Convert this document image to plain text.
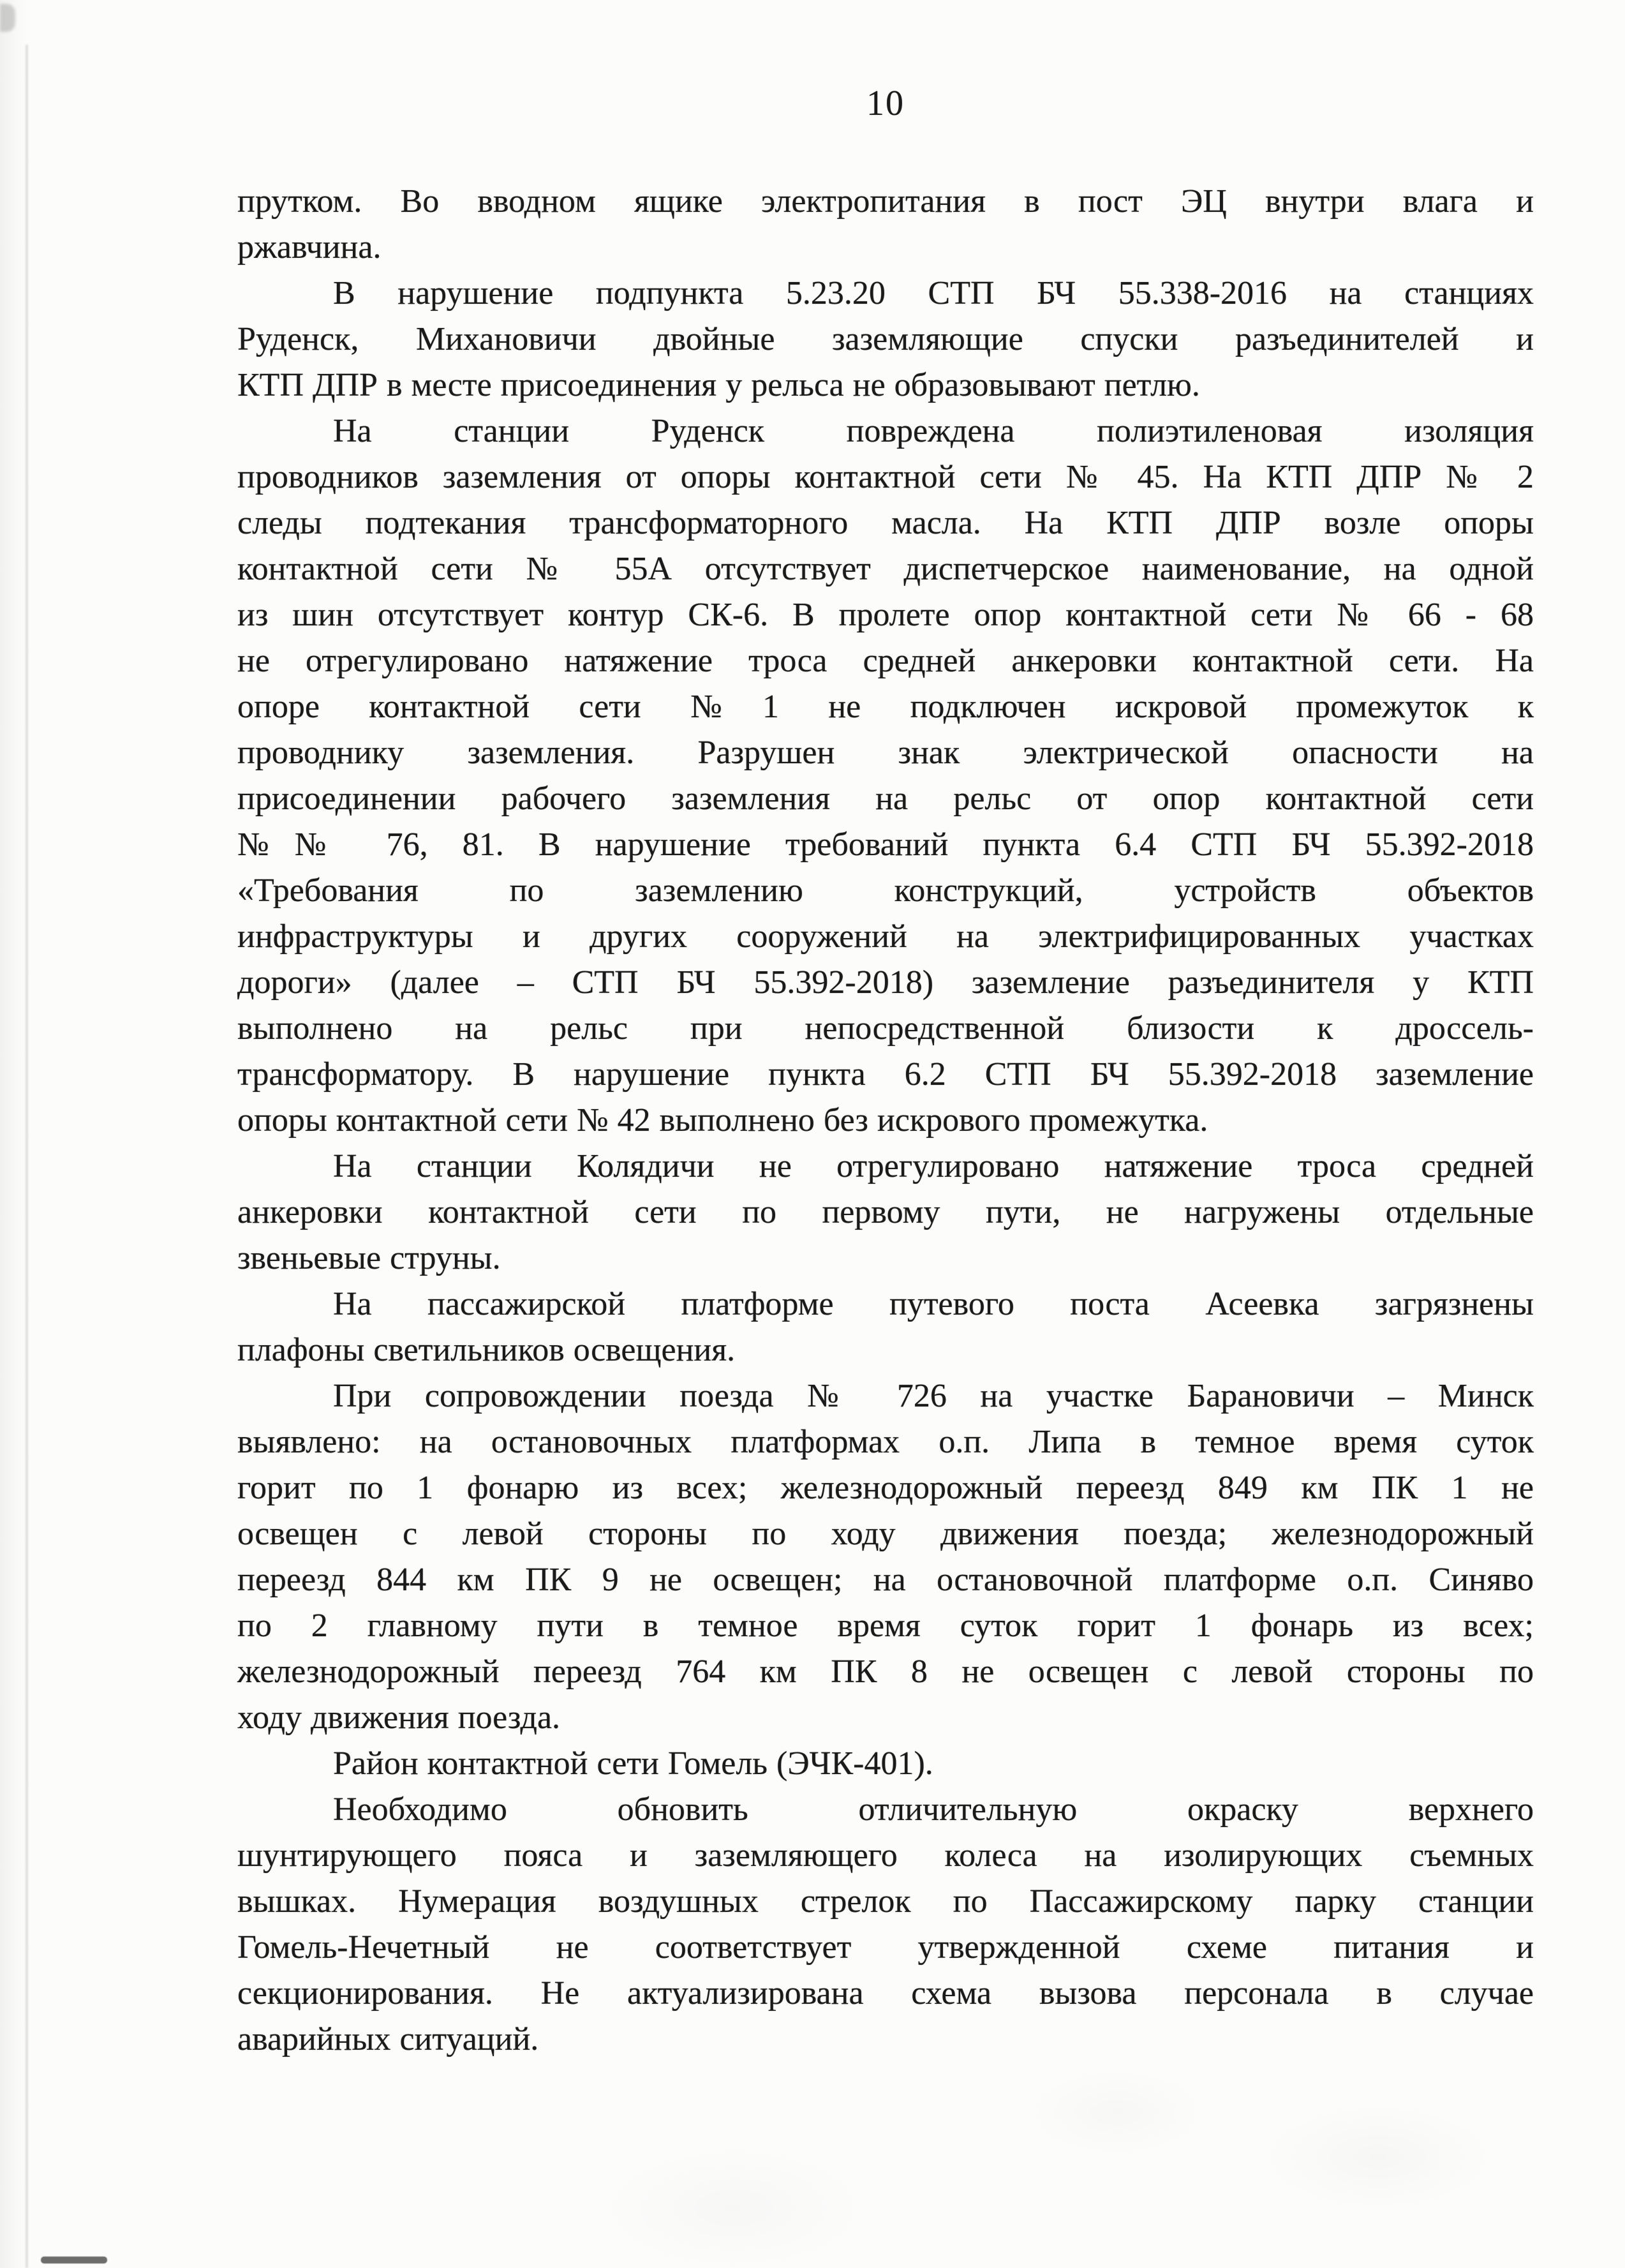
10
прутком. Во вводном ящике электропитания в пост ЭЦ внутри влага и
ржавчина.
В нарушение подпункта 5.23.20 СТП БЧ 55.338-2016 на станциях
Руденск, Михановичи двойные заземляющие спуски разъединителей и
КТП ДПР в месте присоединения у рельса не образовывают петлю.
На станции Руденск повреждена полиэтиленовая изоляция
проводников заземления от опоры контактной сети № 45. На КТП ДПР № 2
следы подтекания трансформаторного масла. На КТП ДПР возле опоры
контактной сети № 55А отсутствует диспетчерское наименование, на одной
из шин отсутствует контур СК-6. В пролете опор контактной сети № 66 - 68
не отрегулировано натяжение троса средней анкеровки контактной сети. На
опоре контактной сети №1 не подключен искровой промежуток к
проводнику заземления. Разрушен знак электрической опасности на
присоединении рабочего заземления на рельс от опор контактной сети
№№ 76, 81. В нарушение требований пункта 6.4 СТП БЧ 55.392-2018
«Требования по заземлению конструкций, устройств объектов
инфраструктуры и других сооружений на электрифицированных участках
дороги» (далее – СТП БЧ 55.392-2018) заземление разъединителя у КТП
выполнено на рельс при непосредственной близости к дроссель-
трансформатору. В нарушение пункта 6.2 СТП БЧ 55.392-2018 заземление
опоры контактной сети № 42 выполнено без искрового промежутка.
На станции Колядичи не отрегулировано натяжение троса средней
анкеровки контактной сети по первому пути, не нагружены отдельные
звеньевые струны.
На пассажирской платформе путевого поста Асеевка загрязнены
плафоны светильников освещения.
При сопровождении поезда № 726 на участке Барановичи – Минск
выявлено: на остановочных платформах о.п. Липа в темное время суток
горит по 1 фонарю из всех; железнодорожный переезд 849 км ПК 1 не
освещен с левой стороны по ходу движения поезда; железнодорожный
переезд 844 км ПК 9 не освещен; на остановочной платформе о.п. Синяво
по 2 главному пути в темное время суток горит 1 фонарь из всех;
железнодорожный переезд 764 км ПК 8 не освещен с левой стороны по
ходу движения поезда.
Район контактной сети Гомель (ЭЧК-401).
Необходимо обновить отличительную окраску верхнего
шунтирующего пояса и заземляющего колеса на изолирующих съемных
вышках. Нумерация воздушных стрелок по Пассажирскому парку станции
Гомель-Нечетный не соответствует утвержденной схеме питания и
секционирования. Не актуализирована схема вызова персонала в случае
аварийных ситуаций.
